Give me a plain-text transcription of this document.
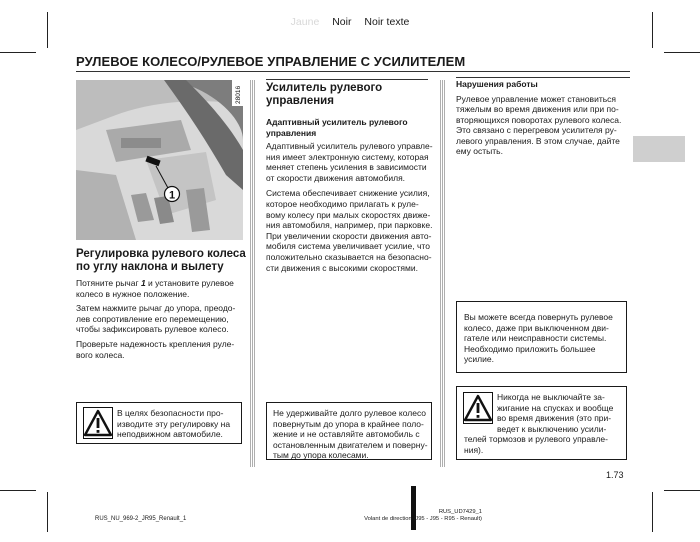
Jaune Noir Noir texte
РУЛЕВОЕ КОЛЕСО/РУЛЕВОЕ УПРАВЛЕНИЕ С УСИЛИТЕЛЕМ
1
28016
Регулировка рулевого колеса
по углу наклона и вылету

Потяните рычаг 1 и установите рулевое
колесо в нужное положение.

Затем нажмите рычаг до упора, преодо-
лев сопротивление его перемещению,
чтобы зафиксировать рулевое колесо.

Проверьте надежность крепления руле-
вого колеса.

В целях безопасности про-
изводите эту регулировку на
неподвижном автомобиле.

Усилитель рулевого
управления
Адаптивный усилитель рулевого
управления

Адаптивный усилитель рулевого управле-
ния имеет электронную систему, которая
меняет степень усиления в зависимости
от скорости движения автомобиля.

Система обеспечивает снижение усилия,
которое необходимо прилагать к руле-
вому колесу при малых скоростях движе-
ния автомобиля, например, при парковке.
При увеличении скорости движения авто-
мобиля система увеличивает усилие, что
положительно сказывается на безопасно-
сти движения с высокими скоростями.

Не удерживайте долго рулевое колесо
повернутым до упора в крайнее поло-
жение и не оставляйте автомобиль с
остановленным двигателем и поверну-
тым до упора колесами.

Нарушения работы

Рулевое управление может становиться
тяжелым во время движения или при по-
вторяющихся поворотах рулевого колеса.
Это связано с перегревом усилителя ру-
левого управления. В этом случае, дайте
ему остыть.

Вы можете всегда повернуть рулевое
колесо, даже при выключенном дви-
гателе или неисправности системы.
Необходимо приложить большее
усилие.

Никогда не выключайте за-
жигание на спусках и вообще
во время движения (это при-
ведет к выключению усили-

телей тормозов и рулевого управле-
ния).

1.73
RUS_NU_969-2_JR95_Renault_1
RUS_UD7429_1
Volant de direction (J95 - J95 - R95 - Renault)
